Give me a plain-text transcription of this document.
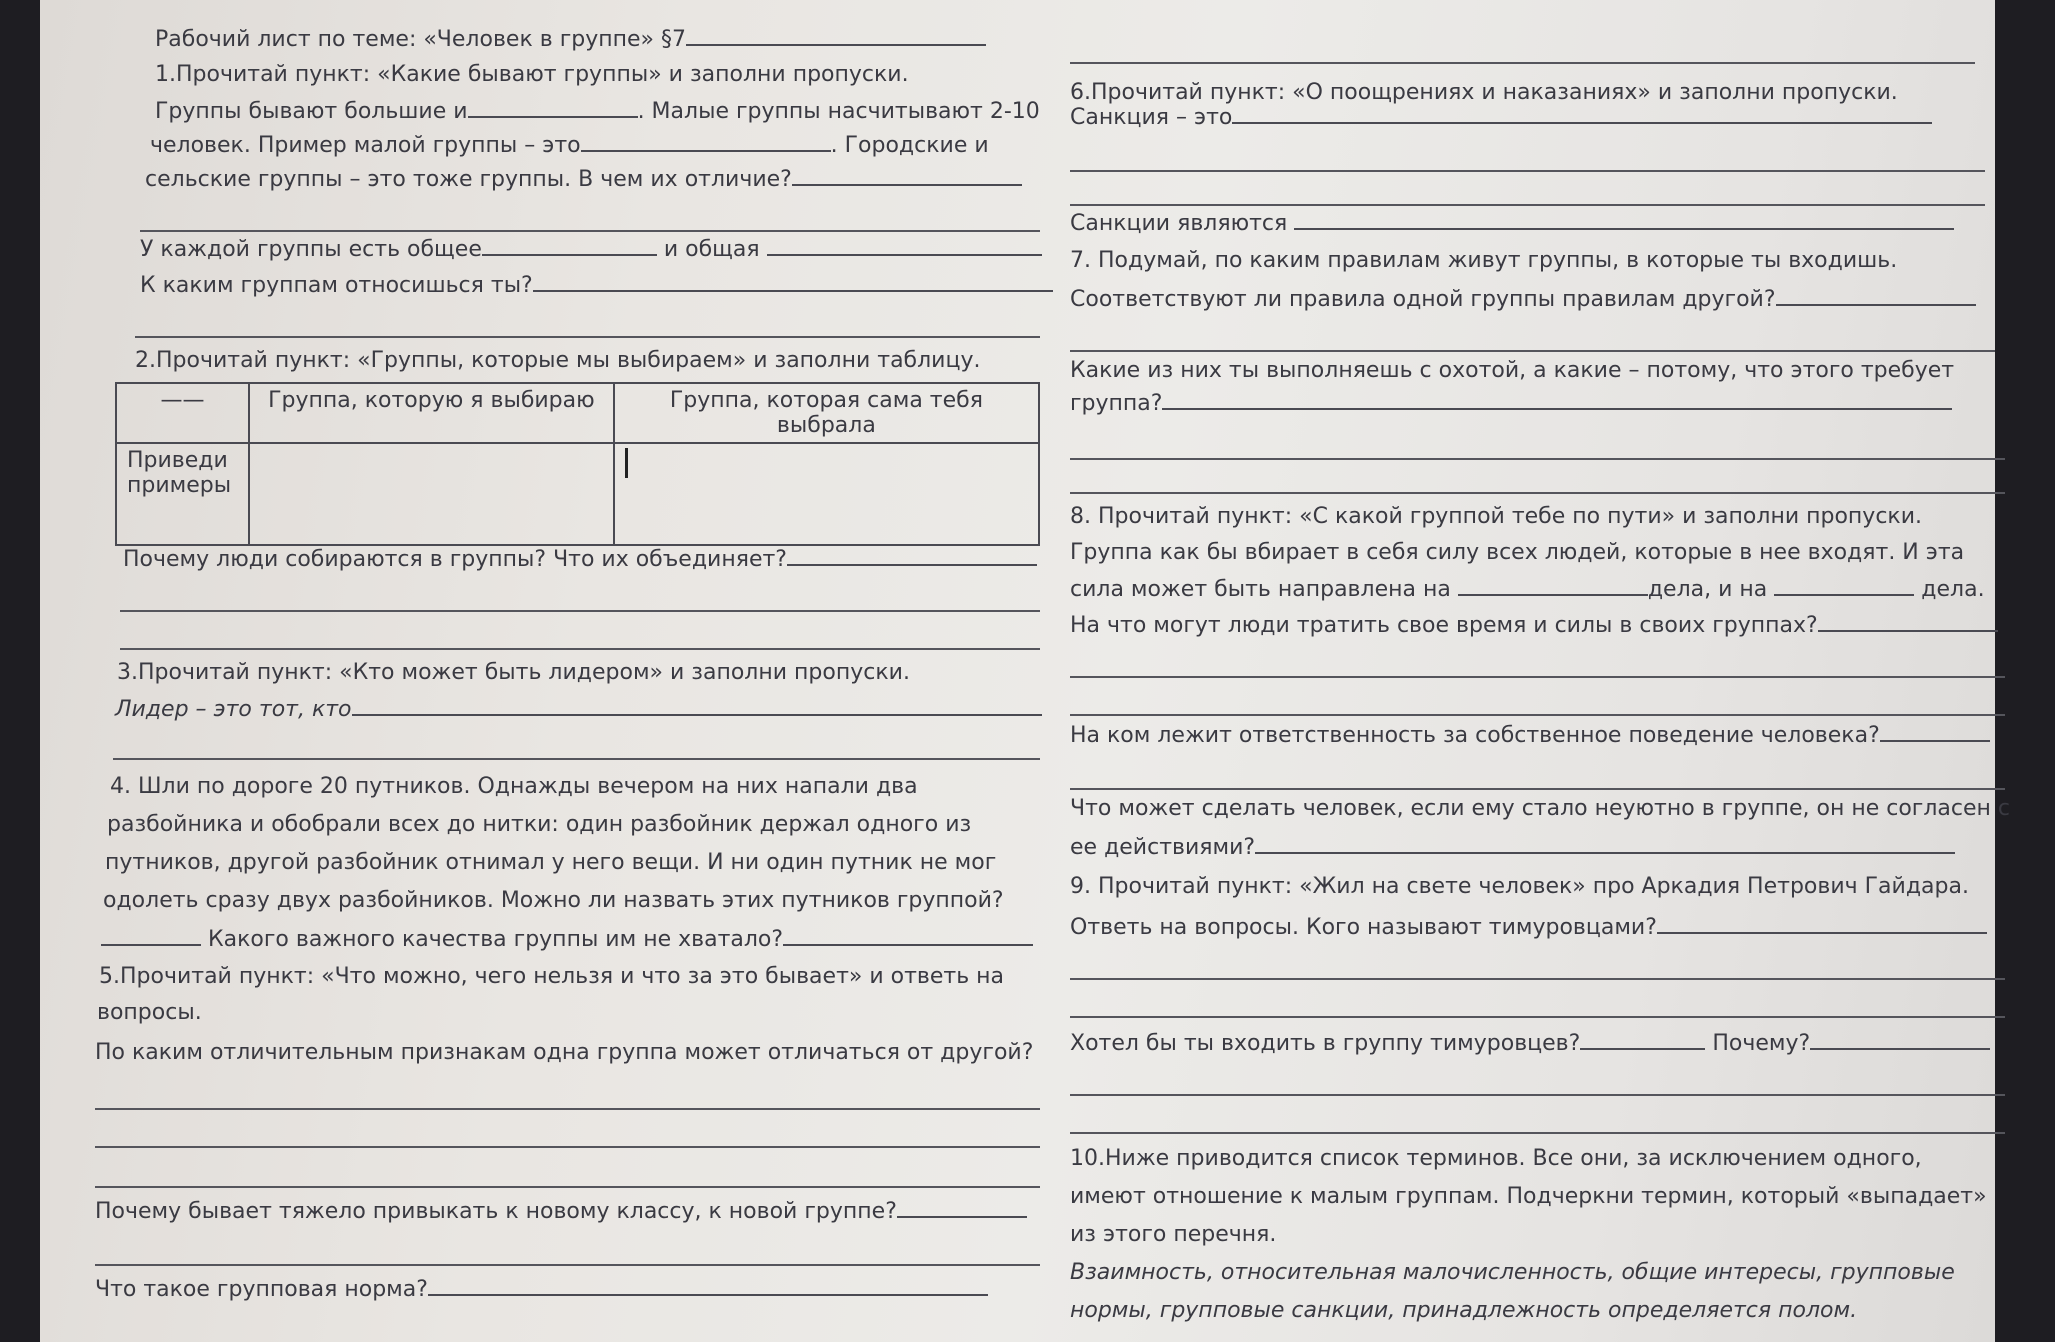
Рабочий лист по теме: «Человек в группе» §7
1.Прочитай пункт: «Какие бывают группы» и заполни пропуски.
Группы бывают большие и	. Малые группы насчитывают 2-10
человек. Пример малой группы – это	. Городские и
сельские группы – это тоже группы. В чем их отличие?
У каждой группы есть общее	и общая
К каким группам относишься ты?
2.Прочитай пункт: «Группы, которые мы выбираем» и заполни таблицу.
——	Группа, которую я выбираю	Группа, которая сама тебя выбрала
Приведи примеры		
Почему люди собираются в группы? Что их объединяет?
3.Прочитай пункт: «Кто может быть лидером» и заполни пропуски.
Лидер – это тот, кто
4. Шли по дороге 20 путников. Однажды вечером на них напали два
разбойника и обобрали всех до нитки: один разбойник держал одного из
путников, другой разбойник отнимал у него вещи. И ни один путник не мог
одолеть сразу двух разбойников. Можно ли назвать этих путников группой?
Какого важного качества группы им не хватало?
5.Прочитай пункт: «Что можно, чего нельзя и что за это бывает» и ответь на
вопросы.
По каким отличительным признакам одна группа может отличаться от другой?
Почему бывает тяжело привыкать к новому классу, к новой группе?
Что такое групповая норма?
6.Прочитай пункт: «О поощрениях и наказаниях» и заполни пропуски.
Санкция – это
Санкции являются
7. Подумай, по каким правилам живут группы, в которые ты входишь.
Соответствуют ли правила одной группы правилам другой?
Какие из них ты выполняешь с охотой, а какие – потому, что этого требует
группа?
8. Прочитай пункт: «С какой группой тебе по пути» и заполни пропуски.
Группа как бы вбирает в себя силу всех людей, которые в нее входят. И эта
сила может быть направлена на	дела, и на	дела.
На что могут люди тратить свое время и силы в своих группах?
На ком лежит ответственность за собственное поведение человека?
Что может сделать человек, если ему стало неуютно в группе, он не согласен с
ее действиями?
9. Прочитай пункт: «Жил на свете человек» про Аркадия Петрович Гайдара.
Ответь на вопросы. Кого называют тимуровцами?
Хотел бы ты входить в группу тимуровцев?	Почему?
10.Ниже приводится список терминов. Все они, за исключением одного,
имеют отношение к малым группам. Подчеркни термин, который «выпадает»
из этого перечня.
Взаимность, относительная малочисленность, общие интересы, групповые
нормы, групповые санкции, принадлежность определяется полом.
